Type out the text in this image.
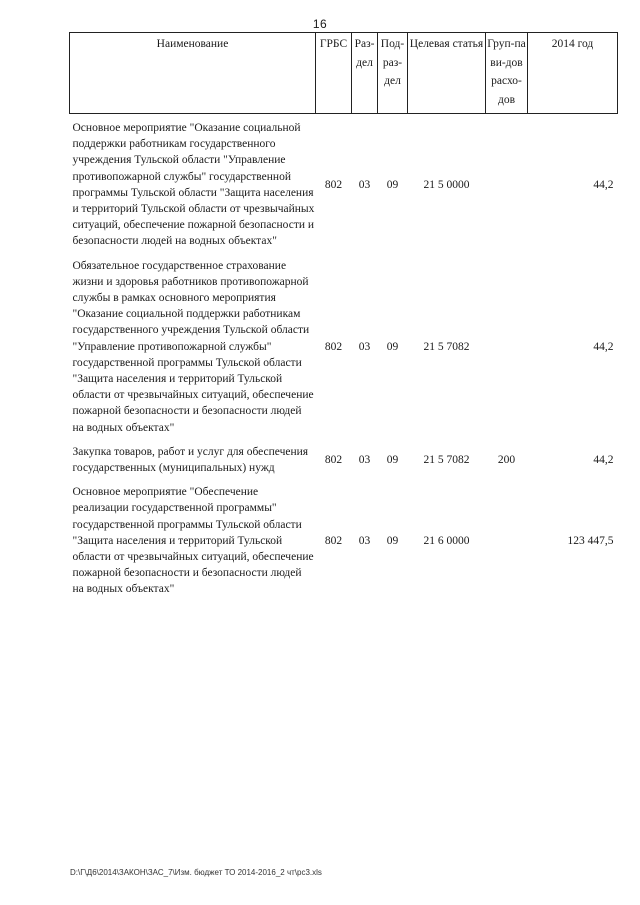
16
Наименование	ГРБС	Раз-дел	Под-раз-дел	Целевая статья	Груп-па ви-дов расхо-дов	2014 год

Основное мероприятие "Оказание социальной поддержки работникам государственного учреждения Тульской области "Управление противопожарной службы" государственной программы Тульской области "Защита населения и территорий Тульской области от чрезвычайных ситуаций, обеспечение пожарной безопасности и безопасности людей на водных объектах"	802	03	09	21 5 0000		44,2

Обязательное государственное страхование жизни и здоровья работников противопожарной службы в рамках основного мероприятия "Оказание социальной поддержки работникам государственного учреждения Тульской области "Управление противопожарной службы" государственной программы Тульской области "Защита населения и территорий Тульской области от чрезвычайных ситуаций, обеспечение пожарной безопасности и безопасности людей на водных объектах"	802	03	09	21 5 7082		44,2

Закупка товаров, работ и услуг для обеспечения государственных (муниципальных) нужд	802	03	09	21 5 7082	200	44,2

Основное мероприятие "Обеспечение реализации государственной программы" государственной программы Тульской области "Защита населения и территорий Тульской области от чрезвычайных ситуаций, обеспечение пожарной безопасности и безопасности людей на водных объектах"	802	03	09	21 6 0000		123 447,5
D:\Г\Д6\2014\ЗАКОН\ЗАС_7\Изм. бюджет ТО 2014-2016_2 чт\рс3.xls
